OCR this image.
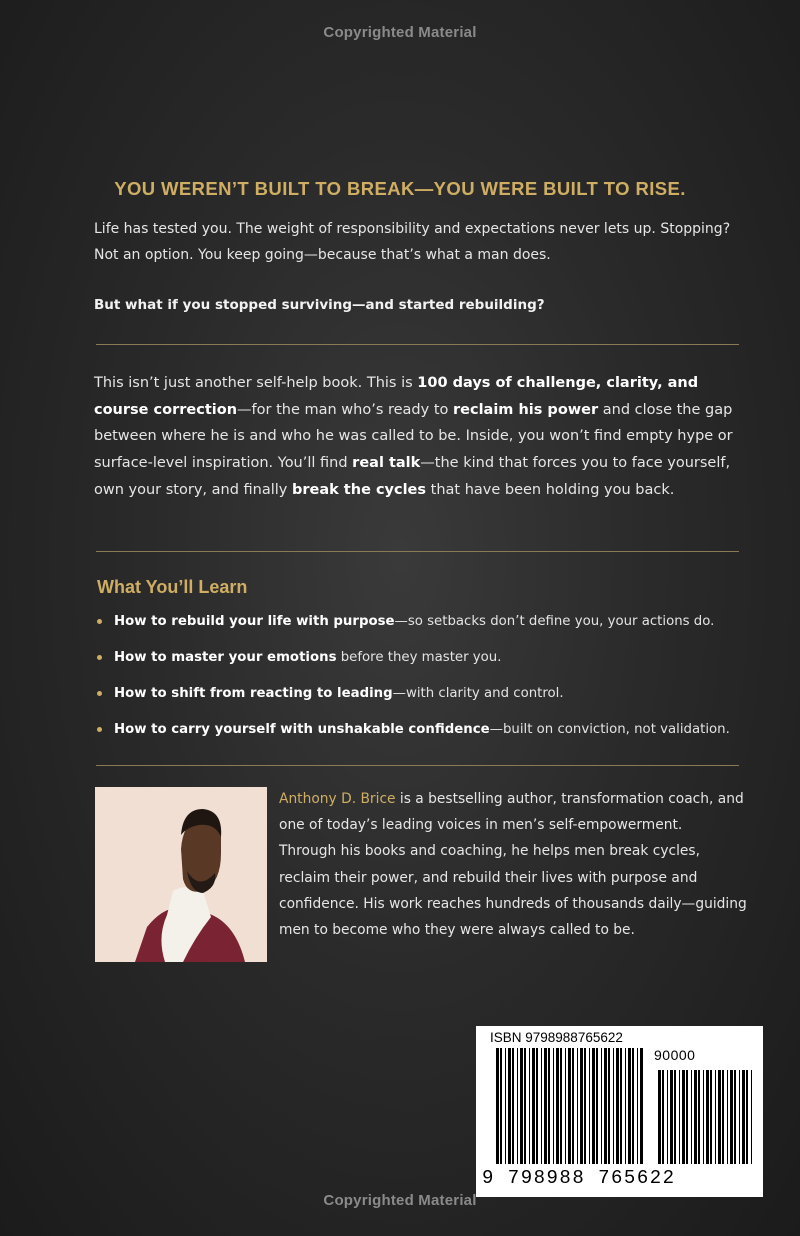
Copyrighted Material
YOU WEREN’T BUILT TO BREAK—YOU WERE BUILT TO RISE.
Life has tested you. The weight of responsibility and expectations never lets up. Stopping?
Not an option. You keep going—because that’s what a man does.
But what if you stopped surviving—and started rebuilding?
This isn’t just another self-help book. This is 100 days of challenge, clarity, and course correction—for the man who’s ready to reclaim his power and close the gap between where he is and who he was called to be. Inside, you won’t find empty hype or surface-level inspiration. You’ll find real talk—the kind that forces you to face yourself, own your story, and finally break the cycles that have been holding you back.
What You’ll Learn
How to rebuild your life with purpose—so setbacks don’t define you, your actions do.
How to master your emotions before they master you.
How to shift from reacting to leading—with clarity and control.
How to carry yourself with unshakable confidence—built on conviction, not validation.
Anthony D. Brice is a bestselling author, transformation coach, and one of today’s leading voices in men’s self-empowerment.
Through his books and coaching, he helps men break cycles, reclaim their power, and rebuild their lives with purpose and confidence. His work reaches hundreds of thousands daily—guiding men to become who they were always called to be.
ISBN 9798988765622
90000
9 798988 765622
Copyrighted Material
